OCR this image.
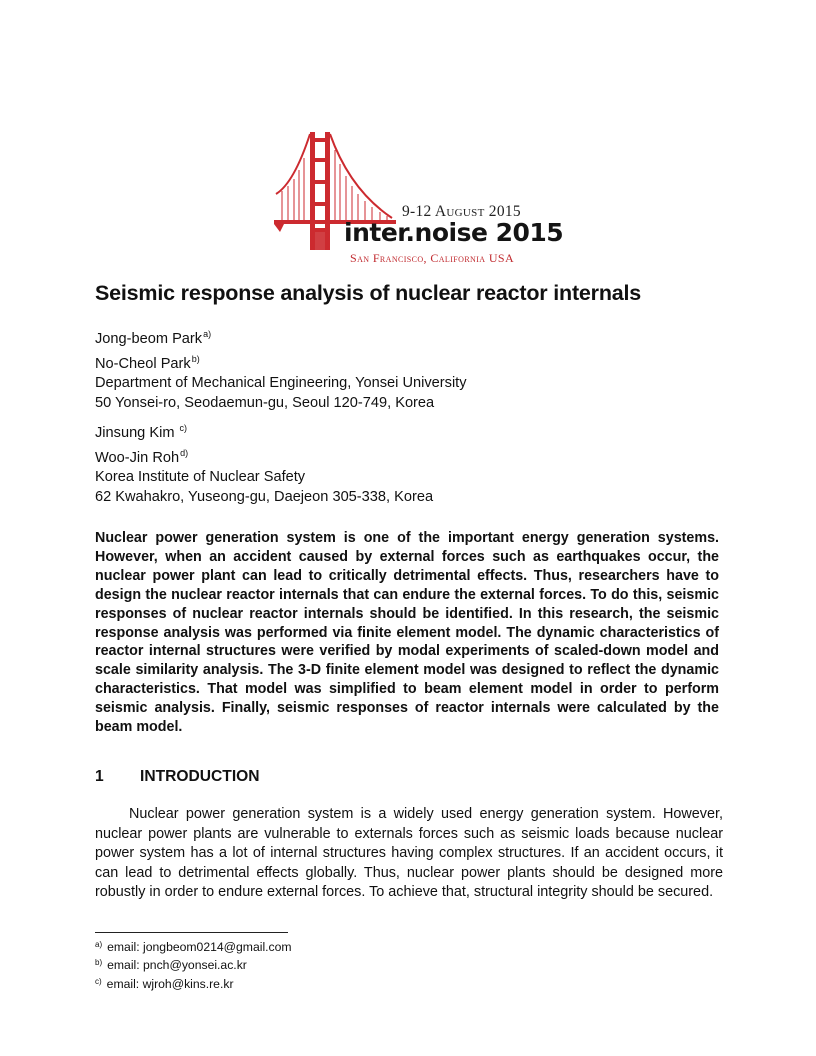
9-12 August 2015
inter.noise 2015
San Francisco, California USA
Seismic response analysis of nuclear reactor internals
Jong-beom Park$^{a)}$
No-Cheol Park$^{b)}$
Department of Mechanical Engineering, Yonsei University
50 Yonsei-ro, Seodaemun-gu, Seoul 120-749, Korea
Jinsung Kim $^{c)}$
Woo-Jin Roh$^{d)}$
Korea Institute of Nuclear Safety
62 Kwahakro, Yuseong-gu, Daejeon 305-338, Korea
Nuclear power generation system is one of the important energy generation systems. However, when an accident caused by external forces such as earthquakes occur, the nuclear power plant can lead to critically detrimental effects. Thus, researchers have to design the nuclear reactor internals that can endure the external forces. To do this, seismic responses of nuclear reactor internals should be identified. In this research, the seismic response analysis was performed via finite element model. The dynamic characteristics of reactor internal structures were verified by modal experiments of scaled-down model and scale similarity analysis. The 3-D finite element model was designed to reflect the dynamic characteristics. That model was simplified to beam element model in order to perform seismic analysis. Finally, seismic responses of reactor internals were calculated by the beam model.
1 INTRODUCTION
Nuclear power generation system is a widely used energy generation system. However, nuclear power plants are vulnerable to externals forces such as seismic loads because nuclear power system has a lot of internal structures having complex structures. If an accident occurs, it can lead to detrimental effects globally. Thus, nuclear power plants should be designed more robustly in order to endure external forces. To achieve that, structural integrity should be secured.
$^{a)}$ email: jongbeom0214@gmail.com
$^{b)}$ email: pnch@yonsei.ac.kr
$^{c)}$ email: wjroh@kins.re.kr
